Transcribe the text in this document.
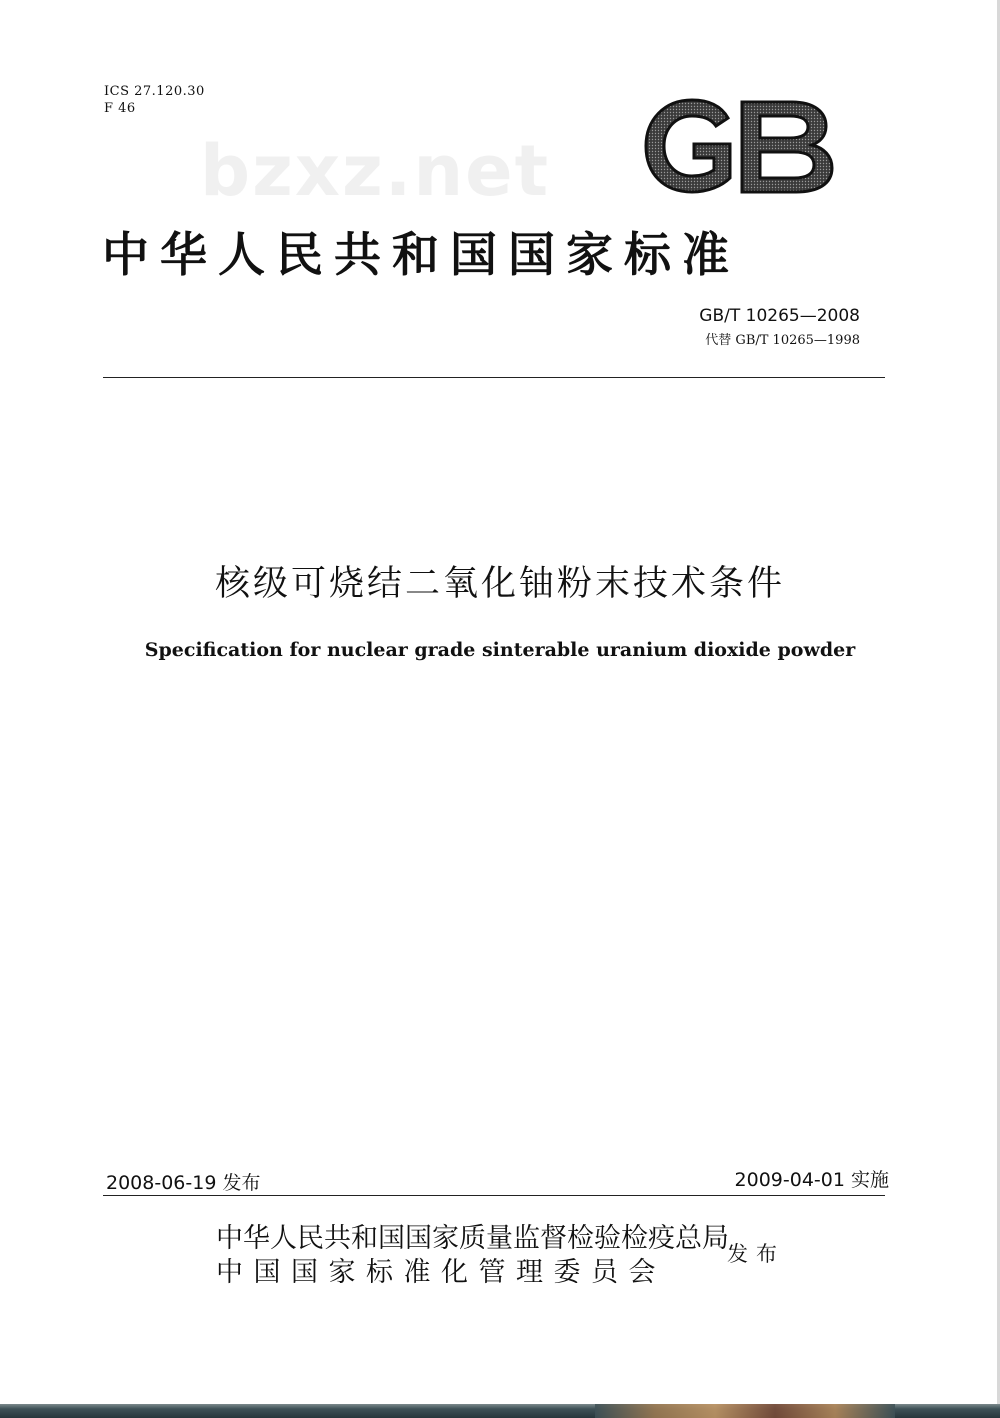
ICS 27.120.30
F 46
bzxz.net
中华人民共和国国家标准
GB/T 10265—2008
代替 GB/T 10265—1998
核级可烧结二氧化铀粉末技术条件
Specification for nuclear grade sinterable uranium dioxide powder
2008-06-19 发布	2009-04-01 实施
中华人民共和国国家质量监督检验检疫总局
中国国家标准化管理委员会
发布
